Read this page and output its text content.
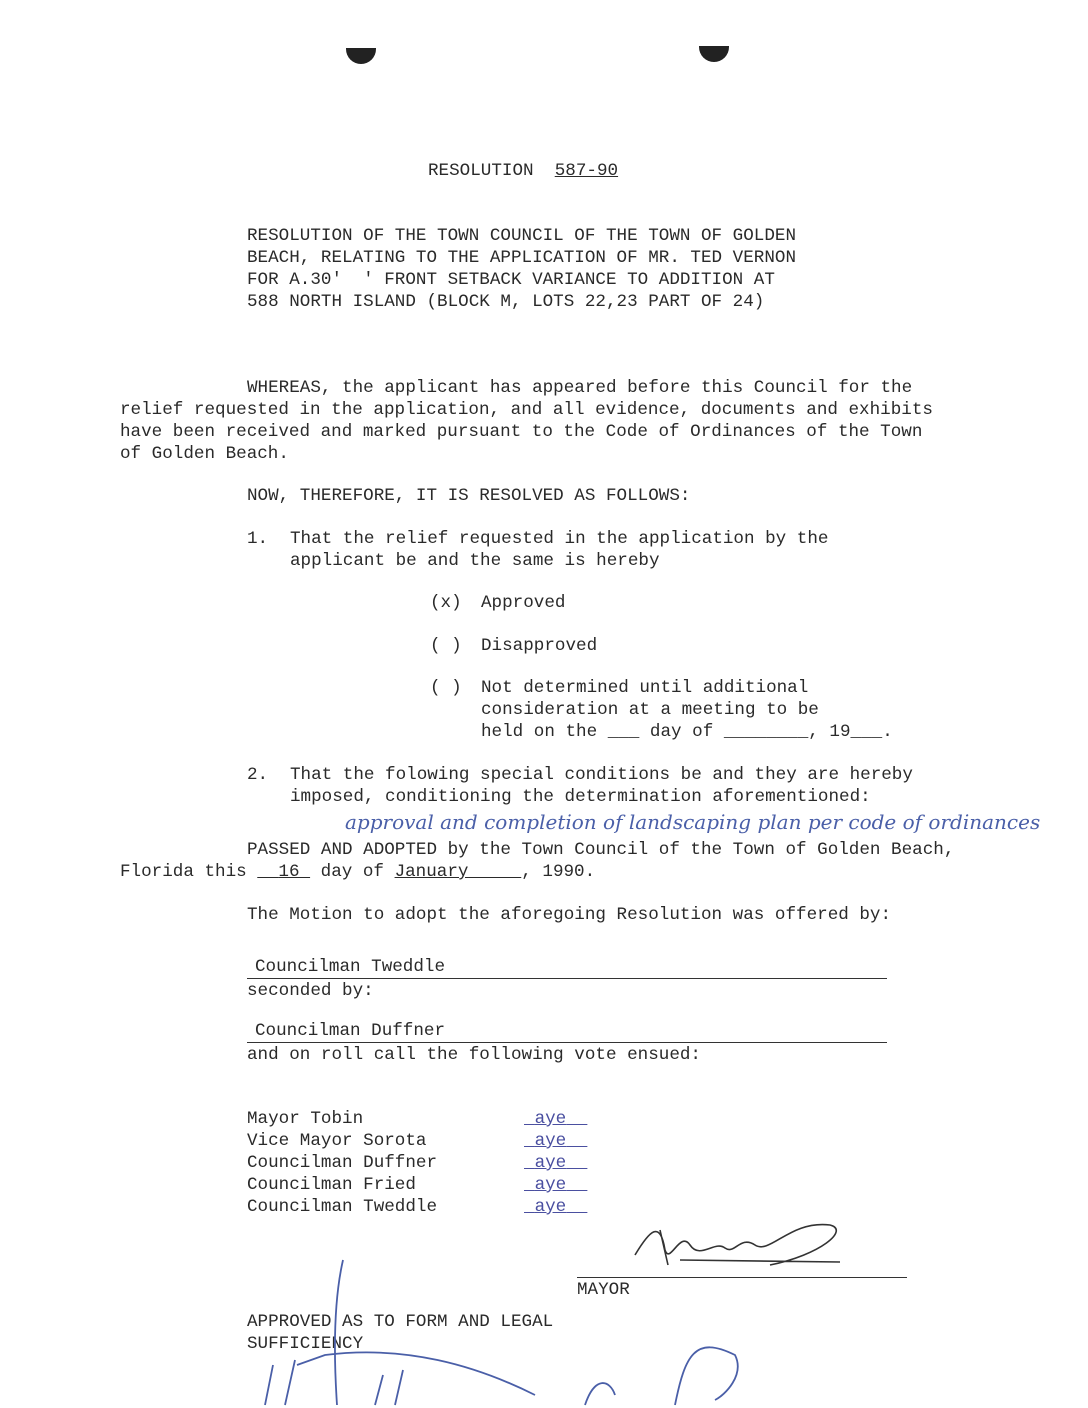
RESOLUTION 587-90
RESOLUTION OF THE TOWN COUNCIL OF THE TOWN OF GOLDEN
BEACH, RELATING TO THE APPLICATION OF MR. TED VERNON
FOR A.30'  ' FRONT SETBACK VARIANCE TO ADDITION AT
588 NORTH ISLAND (BLOCK M, LOTS 22,23 PART OF 24)
WHEREAS, the applicant has appeared before this Council for the
relief requested in the application, and all evidence, documents and exhibits
have been received and marked pursuant to the Code of Ordinances of the Town
of Golden Beach.
NOW, THEREFORE, IT IS RESOLVED AS FOLLOWS:
1. That the relief requested in the application by the
applicant be and the same is hereby
(x) Approved
( ) Disapproved
( ) Not determined until additional
consideration at a meeting to be
held on the ___ day of ________, 19___.
2. That the folowing special conditions be and they are hereby
imposed, conditioning the determination aforementioned:
approval and completion of landscaping plan per code of ordinances
PASSED AND ADOPTED by the Town Council of the Town of Golden Beach,
Florida this 16 day of January	, 1990.
The Motion to adopt the aforegoing Resolution was offered by:
Councilman Tweddle
seconded by:
Councilman Duffner
and on roll call the following vote ensued:
Mayor Tobin	aye
Vice Mayor Sorota	aye
Councilman Duffner	aye
Councilman Fried	aye
Councilman Tweddle	aye
MAYOR
APPROVED AS TO FORM AND LEGAL
SUFFICIENCY
